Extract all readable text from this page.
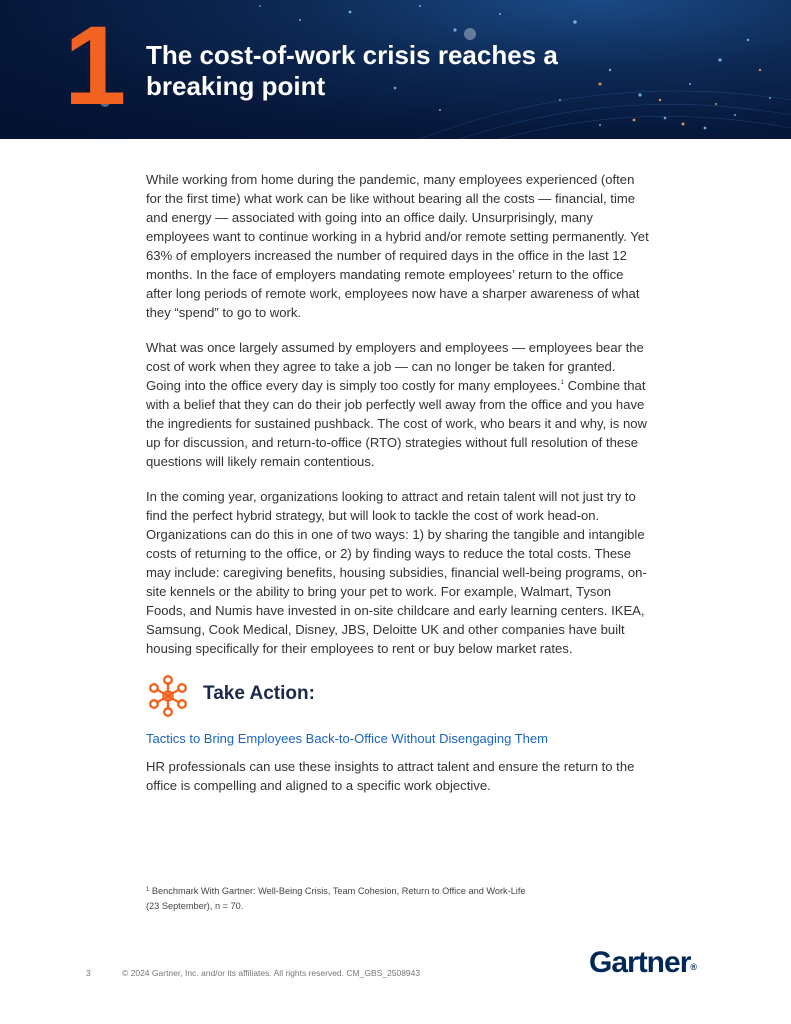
1 The cost-of-work crisis reaches a
breaking point

While working from home during the pandemic, many employees experienced (often for the first time) what work can be like without bearing all the costs — financial, time and energy — associated with going into an office daily. Unsurprisingly, many employees want to continue working in a hybrid and/or remote setting permanently. Yet 63% of employers increased the number of required days in the office in the last 12 months. In the face of employers mandating remote employees’ return to the office after long periods of remote work, employees now have a sharper awareness of what they “spend” to go to work.

What was once largely assumed by employers and employees — employees bear the cost of work when they agree to take a job — can no longer be taken for granted. Going into the office every day is simply too costly for many employees.$^1$ Combine that with a belief that they can do their job perfectly well away from the office and you have the ingredients for sustained pushback. The cost of work, who bears it and why, is now up for discussion, and return-to-office (RTO) strategies without full resolution of these questions will likely remain contentious.

In the coming year, organizations looking to attract and retain talent will not just try to find the perfect hybrid strategy, but will look to tackle the cost of work head-on. Organizations can do this in one of two ways: 1) by sharing the tangible and intangible costs of returning to the office, or 2) by finding ways to reduce the total costs. These may include: caregiving benefits, housing subsidies, financial well-being programs, on-site kennels or the ability to bring your pet to work. For example, Walmart, Tyson Foods, and Numis have invested in on-site childcare and early learning centers. IKEA, Samsung, Cook Medical, Disney, JBS, Deloitte UK and other companies have built housing specifically for their employees to rent or buy below market rates.

Take Action:
Tactics to Bring Employees Back-to-Office Without Disengaging Them

HR professionals can use these insights to attract talent and ensure the return to the office is compelling and aligned to a specific work objective.

$^1$ Benchmark With Gartner: Well-Being Crisis, Team Cohesion, Return to Office and Work-Life
(23 September), n = 70.
3	© 2024 Gartner, Inc. and/or its affiliates. All rights reserved. CM_GBS_2508943	Gartner®
